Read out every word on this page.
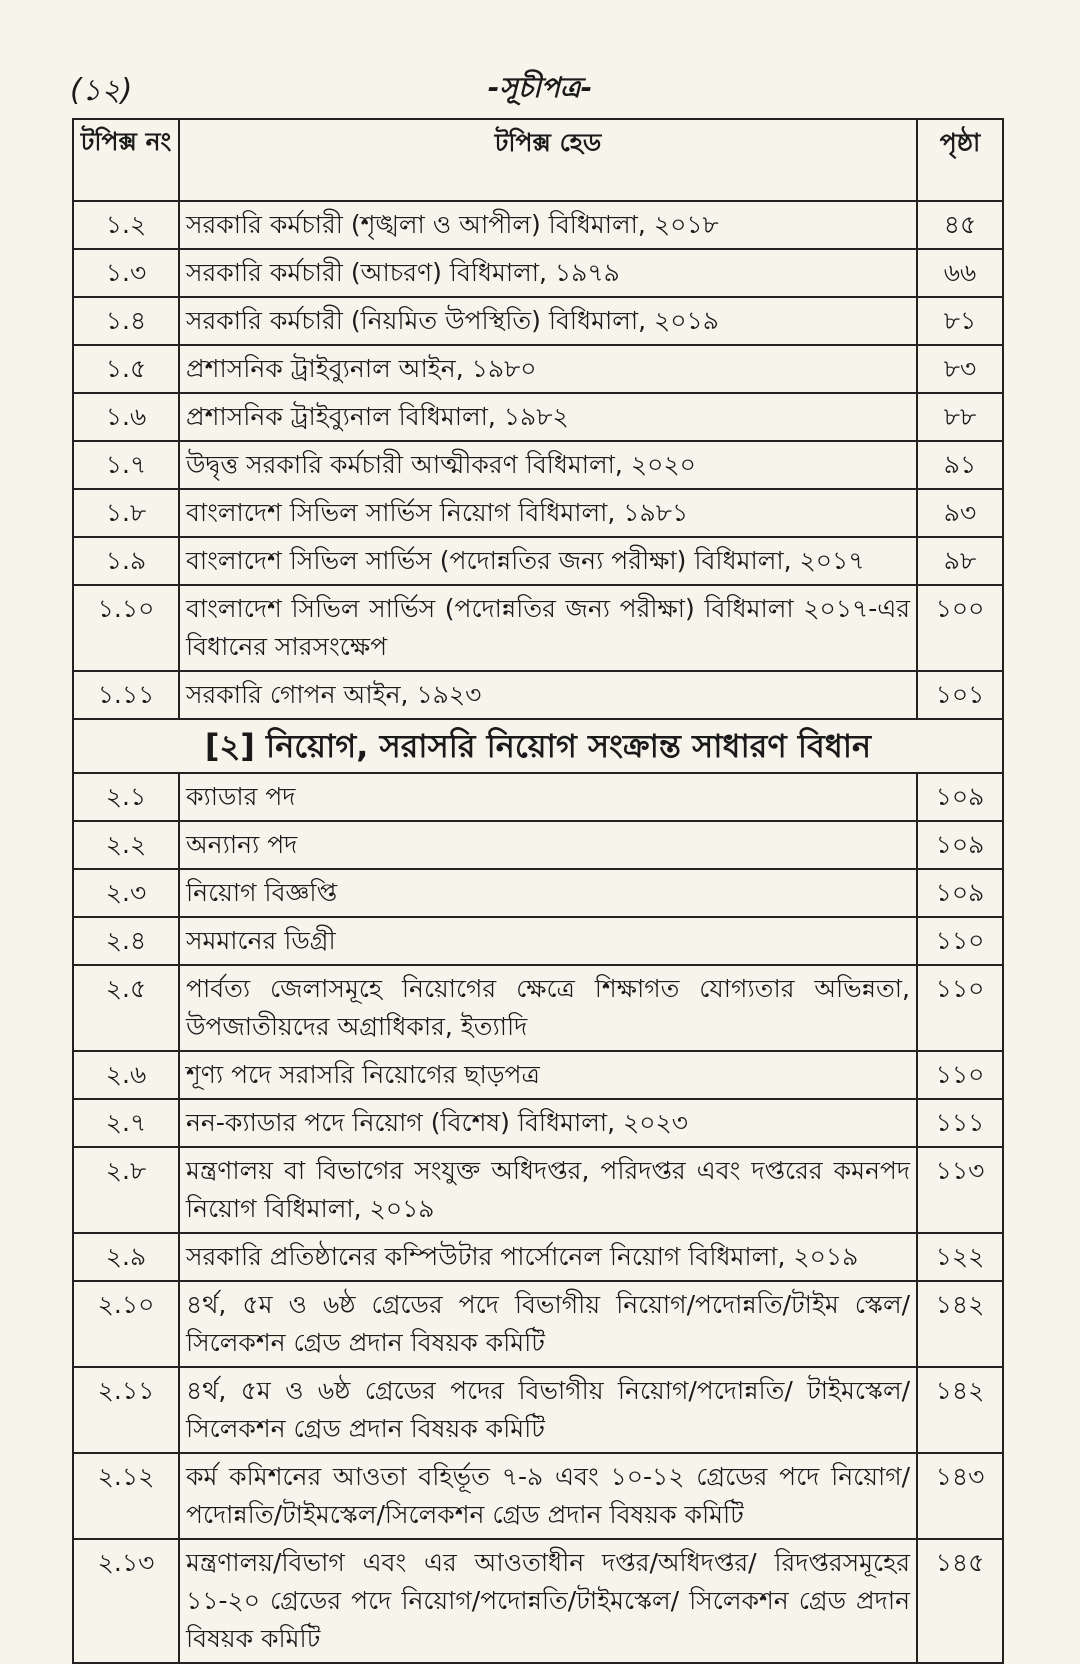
(১২)	-সূচীপত্র-
টপিক্স নং	টপিক্স হেড	পৃষ্ঠা
১.২	সরকারি কর্মচারী (শৃঙ্খলা ও আপীল) বিধিমালা, ২০১৮	৪৫
১.৩	সরকারি কর্মচারী (আচরণ) বিধিমালা, ১৯৭৯	৬৬
১.৪	সরকারি কর্মচারী (নিয়মিত উপস্থিতি) বিধিমালা, ২০১৯	৮১
১.৫	প্রশাসনিক ট্রাইব্যুনাল আইন, ১৯৮০	৮৩
১.৬	প্রশাসনিক ট্রাইব্যুনাল বিধিমালা, ১৯৮২	৮৮
১.৭	উদ্বৃত্ত সরকারি কর্মচারী আত্মীকরণ বিধিমালা, ২০২০	৯১
১.৮	বাংলাদেশ সিভিল সার্ভিস নিয়োগ বিধিমালা, ১৯৮১	৯৩
১.৯	বাংলাদেশ সিভিল সার্ভিস (পদোন্নতির জন্য পরীক্ষা) বিধিমালা, ২০১৭	৯৮
১.১০	বাংলাদেশ সিভিল সার্ভিস (পদোন্নতির জন্য পরীক্ষা) বিধিমালা ২০১৭-এর বিধানের সারসংক্ষেপ	১০০
১.১১	সরকারি গোপন আইন, ১৯২৩	১০১
[২] নিয়োগ, সরাসরি নিয়োগ সংক্রান্ত সাধারণ বিধান		
২.১	ক্যাডার পদ	১০৯
২.২	অন্যান্য পদ	১০৯
২.৩	নিয়োগ বিজ্ঞপ্তি	১০৯
২.৪	সমমানের ডিগ্রী	১১০
২.৫	পার্বত্য জেলাসমূহে নিয়োগের ক্ষেত্রে শিক্ষাগত যোগ্যতার অভিন্নতা, উপজাতীয়দের অগ্রাধিকার, ইত্যাদি	১১০
২.৬	শূণ্য পদে সরাসরি নিয়োগের ছাড়পত্র	১১০
২.৭	নন-ক্যাডার পদে নিয়োগ (বিশেষ) বিধিমালা, ২০২৩	১১১
২.৮	মন্ত্রণালয় বা বিভাগের সংযুক্ত অধিদপ্তর, পরিদপ্তর এবং দপ্তরের কমনপদ নিয়োগ বিধিমালা, ২০১৯	১১৩
২.৯	সরকারি প্রতিষ্ঠানের কম্পিউটার পার্সোনেল নিয়োগ বিধিমালা, ২০১৯	১২২
২.১০	৪র্থ, ৫ম ও ৬ষ্ঠ গ্রেডের পদে বিভাগীয় নিয়োগ/পদোন্নতি/টাইম স্কেল/সিলেকশন গ্রেড প্রদান বিষয়ক কমিটি	১৪২
২.১১	৪র্থ, ৫ম ও ৬ষ্ঠ গ্রেডের পদের বিভাগীয় নিয়োগ/পদোন্নতি/ টাইমস্কেল/সিলেকশন গ্রেড প্রদান বিষয়ক কমিটি	১৪২
২.১২	কর্ম কমিশনের আওতা বহির্ভূত ৭-৯ এবং ১০-১২ গ্রেডের পদে নিয়োগ/পদোন্নতি/টাইমস্কেল/সিলেকশন গ্রেড প্রদান বিষয়ক কমিটি	১৪৩
২.১৩	মন্ত্রণালয়/বিভাগ এবং এর আওতাধীন দপ্তর/অধিদপ্তর/ রিদপ্তরসমূহের ১১-২০ গ্রেডের পদে নিয়োগ/পদোন্নতি/টাইমস্কেল/ সিলেকশন গ্রেড প্রদান বিষয়ক কমিটি	১৪৫
